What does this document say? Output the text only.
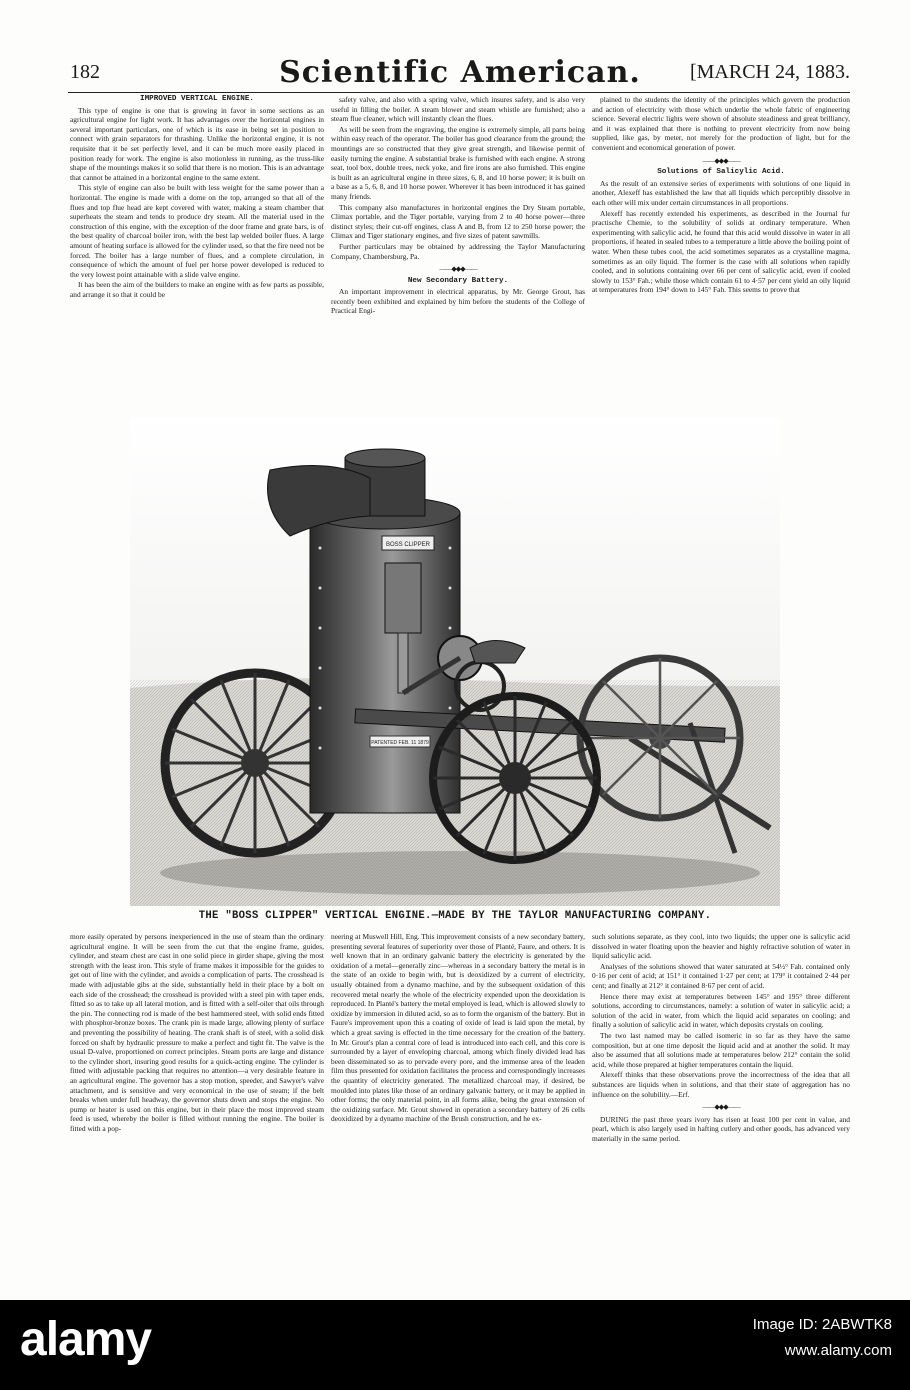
182	Scientific American.	[MARCH 24, 1883.

IMPROVED VERTICAL ENGINE.

This type of engine is one that is growing in favor in some sections as an agricultural engine for light work. It has advantages over the horizontal engines in several important particulars, one of which is its ease in being set in position to connect with grain separators for thrashing. Unlike the horizontal engine, it is not requisite that it be set perfectly level, and it can be much more easily placed in position ready for work. The engine is also motionless in running, as the truss-like shape of the mountings makes it so solid that there is no motion. This is an advantage that cannot be attained in a horizontal engine to the same extent.

This style of engine can also be built with less weight for the same power than a horizontal. The engine is made with a dome on the top, arranged so that all of the flues and top flue head are kept covered with water, making a steam chamber that superheats the steam and tends to produce dry steam. All the material used in the construction of this engine, with the exception of the door frame and grate bars, is of the best quality of charcoal boiler iron, with the best lap welded boiler flues. A large amount of heating surface is allowed for the cylinder used, so that the fire need not be forced. The boiler has a large number of flues, and a complete circulation, in consequence of which the amount of fuel per horse power developed is reduced to the very lowest point attainable with a slide valve engine.

It has been the aim of the builders to make an engine with as few parts as possible, and arrange it so that it could be

safety valve, and also with a spring valve, which insures safety, and is also very useful in filling the boiler. A steam blower and steam whistle are furnished; also a steam flue cleaner, which will instantly clean the flues.

As will be seen from the engraving, the engine is extremely simple, all parts being within easy reach of the operator. The boiler has good clearance from the ground; the mountings are so constructed that they give great strength, and likewise permit of easily turning the engine. A substantial brake is furnished with each engine. A strong seat, tool box, double trees, neck yoke, and fire irons are also furnished. This engine is built as an agricultural engine in three sizes, 6, 8, and 10 horse power; it is built on a base as a 5, 6, 8, and 10 horse power. Wherever it has been introduced it has gained many friends.

This company also manufactures in horizontal engines the Dry Steam portable, Climax portable, and the Tiger portable, varying from 2 to 40 horse power—three distinct styles; their cut-off engines, class A and B, from 12 to 250 horse power; the Climax and Tiger stationary engines, and five sizes of patent sawmills.

Further particulars may be obtained by addressing the Taylor Manufacturing Company, Chambersburg, Pa.

——◆◆◆——

New Secondary Battery.

An important improvement in electrical apparatus, by Mr. George Grout, has recently been exhibited and explained by him before the students of the College of Practical Engi-

plained to the students the identity of the principles which govern the production and action of electricity with those which underlie the whole fabric of engineering science. Several electric lights were shown of absolute steadiness and great brilliancy, and it was explained that there is nothing to prevent electricity from now being supplied, like gas, by meter, not merely for the production of light, but for the convenient and economical generation of power.

——◆◆◆——

Solutions of Salicylic Acid.

As the result of an extensive series of experiments with solutions of one liquid in another, Alexeff has established the law that all liquids which perceptibly dissolve in each other will mix under certain circumstances in all proportions.

Alexeff has recently extended his experiments, as described in the Journal fur practische Chemie, to the solubility of solids at ordinary temperature. When experimenting with salicylic acid, he found that this acid would dissolve in water in all proportions, if heated in sealed tubes to a temperature a little above the boiling point of water. When these tubes cool, the acid sometimes separates as a crystalline magma, sometimes as an oily liquid. The former is the case with all solutions when rapidly cooled, and in solutions containing over 66 per cent of salicylic acid, even if cooled slowly to 153° Fah.; while those which contain 61 to 4·57 per cent yield an oily liquid at temperatures from 194° down to 145° Fah. This seems to prove that

BOSS CLIPPER
PATENTED FEB. 11 1879
THE "BOSS CLIPPER" VERTICAL ENGINE.—MADE BY THE TAYLOR MANUFACTURING COMPANY.

more easily operated by persons inexperienced in the use of steam than the ordinary agricultural engine. It will be seen from the cut that the engine frame, guides, cylinder, and steam chest are cast in one solid piece in girder shape, giving the most strength with the least iron. This style of frame makes it impossible for the guides to get out of line with the cylinder, and avoids a complication of parts. The crosshead is made with adjustable gibs at the side, substantially held in their place by a bolt on each side of the crosshead; the crosshead is provided with a steel pin with taper ends, fitted so as to take up all lateral motion, and is fitted with a self-oiler that oils through the pin. The connecting rod is made of the best hammered steel, with solid ends fitted with phosphor-bronze boxes. The crank pin is made large, allowing plenty of surface and preventing the possibility of heating. The crank shaft is of steel, with a solid disk forced on shaft by hydraulic pressure to make a perfect and tight fit. The valve is the usual D-valve, proportioned on correct principles. Steam ports are large and distance to the cylinder short, insuring good results for a quick-acting engine. The cylinder is fitted with adjustable packing that requires no attention—a very desirable feature in an agricultural engine. The governor has a stop motion, speeder, and Sawyer's valve attachment, and is sensitive and very economical in the use of steam; if the belt breaks when under full headway, the governor shuts down and stops the engine. No pump or heater is used on this engine, but in their place the most improved steam feed is used, whereby the boiler is filled without running the engine. The boiler is fitted with a pop-

neering at Muswell Hill, Eng. This improvement consists of a new secondary battery, presenting several features of superiority over those of Planté, Faure, and others. It is well known that in an ordinary galvanic battery the electricity is generated by the oxidation of a metal—generally zinc—whereas in a secondary battery the metal is in the state of an oxide to begin with, but is deoxidized by a current of electricity, usually obtained from a dynamo machine, and by the subsequent oxidation of this recovered metal nearly the whole of the electricity expended upon the deoxidation is reproduced. In Planté's battery the metal employed is lead, which is allowed slowly to oxidize by immersion in diluted acid, so as to form the organism of the battery. But in Faure's improvement upon this a coating of oxide of lead is laid upon the metal, by which a great saving is effected in the time necessary for the creation of the battery. In Mr. Grout's plan a central core of lead is introduced into each cell, and this core is surrounded by a layer of enveloping charcoal, among which finely divided lead has been disseminated so as to pervade every pore, and the immense area of the leaden film thus presented for oxidation facilitates the process and correspondingly increases the quantity of electricity generated. The metallized charcoal may, if desired, be moulded into plates like those of an ordinary galvanic battery, or it may be applied in other forms; the only material point, in all forms alike, being the great extension of the oxidizing surface. Mr. Grout showed in operation a secondary battery of 26 cells deoxidized by a dynamo machine of the Brush construction, and he ex-

such solutions separate, as they cool, into two liquids; the upper one is salicylic acid dissolved in water floating upon the heavier and highly refractive solution of water in liquid salicylic acid.

Analyses of the solutions showed that water saturated at 54½° Fah. contained only 0·16 per cent of acid; at 151° it contained 1·27 per cent; at 179° it contained 2·44 per cent; and finally at 212° it contained 8·67 per cent of acid.

Hence there may exist at temperatures between 145° and 195° three different solutions, according to circumstances, namely: a solution of water in salicylic acid; a solution of the acid in water, from which the liquid acid separates on cooling; and finally a solution of salicylic acid in water, which deposits crystals on cooling.

The two last named may be called isomeric in so far as they have the same composition, but at one time deposit the liquid acid and at another the solid. It may also be assumed that all solutions made at temperatures below 212° contain the solid acid, while those prepared at higher temperatures contain the liquid.

Alexeff thinks that these observations prove the incorrectness of the idea that all substances are liquids when in solutions, and that their state of aggregation has no influence on the solubility.—Erf.

——◆◆◆——

DURING the past three years ivory has risen at least 100 per cent in value, and pearl, which is also largely used in hafting cutlery and other goods, has advanced very materially in the same period.

alamy	Image ID: 2ABWTK8
www.alamy.com
